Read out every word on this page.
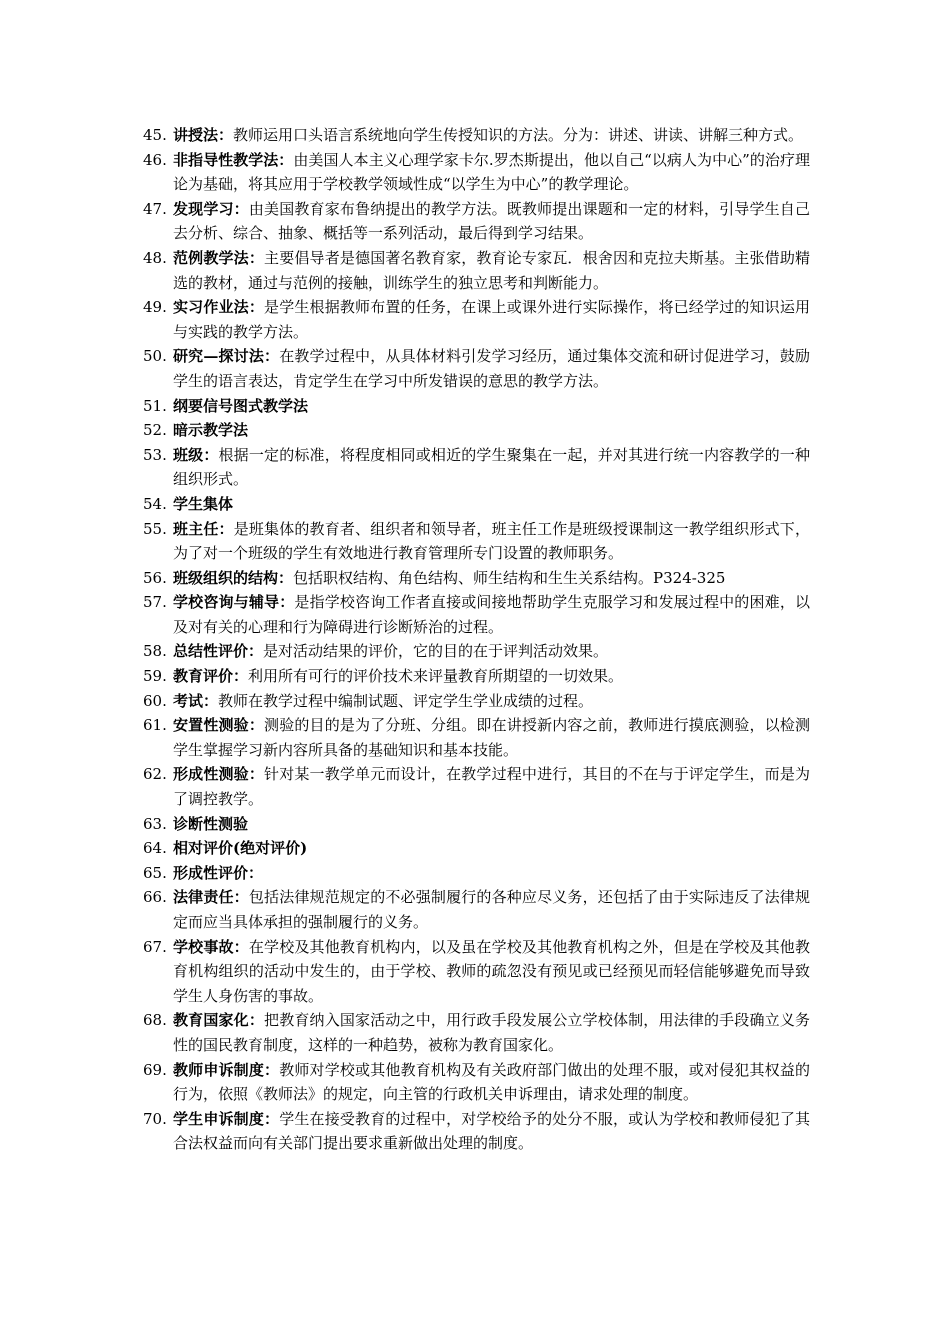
45. 讲授法：教师运用口头语言系统地向学生传授知识的方法。分为：讲述、讲读、讲解三种方式。
46. 非指导性教学法：由美国人本主义心理学家卡尔.罗杰斯提出，他以自己“以病人为中心”的治疗理论为基础，将其应用于学校教学领域性成“以学生为中心”的教学理论。
47. 发现学习：由美国教育家布鲁纳提出的教学方法。既教师提出课题和一定的材料，引导学生自己去分析、综合、抽象、概括等一系列活动，最后得到学习结果。
48. 范例教学法：主要倡导者是德国著名教育家，教育论专家瓦．根舍因和克拉夫斯基。主张借助精选的教材，通过与范例的接触，训练学生的独立思考和判断能力。
49. 实习作业法：是学生根据教师布置的任务，在课上或课外进行实际操作，将已经学过的知识运用与实践的教学方法。
50. 研究—探讨法：在教学过程中，从具体材料引发学习经历，通过集体交流和研讨促进学习，鼓励学生的语言表达，肯定学生在学习中所发错误的意思的教学方法。
51. 纲要信号图式教学法
52. 暗示教学法
53. 班级：根据一定的标准，将程度相同或相近的学生聚集在一起，并对其进行统一内容教学的一种组织形式。
54. 学生集体
55. 班主任：是班集体的教育者、组织者和领导者，班主任工作是班级授课制这一教学组织形式下，为了对一个班级的学生有效地进行教育管理所专门设置的教师职务。
56. 班级组织的结构：包括职权结构、角色结构、师生结构和生生关系结构。P324-325
57. 学校咨询与辅导：是指学校咨询工作者直接或间接地帮助学生克服学习和发展过程中的困难，以及对有关的心理和行为障碍进行诊断矫治的过程。
58. 总结性评价：是对活动结果的评价，它的目的在于评判活动效果。
59. 教育评价：利用所有可行的评价技术来评量教育所期望的一切效果。
60. 考试：教师在教学过程中编制试题、评定学生学业成绩的过程。
61. 安置性测验：测验的目的是为了分班、分组。即在讲授新内容之前，教师进行摸底测验，以检测学生掌握学习新内容所具备的基础知识和基本技能。
62. 形成性测验：针对某一教学单元而设计，在教学过程中进行，其目的不在与于评定学生，而是为了调控教学。
63. 诊断性测验
64. 相对评价(绝对评价)
65. 形成性评价：
66. 法律责任：包括法律规范规定的不必强制履行的各种应尽义务，还包括了由于实际违反了法律规定而应当具体承担的强制履行的义务。
67. 学校事故：在学校及其他教育机构内，以及虽在学校及其他教育机构之外，但是在学校及其他教育机构组织的活动中发生的，由于学校、教师的疏忽没有预见或已经预见而轻信能够避免而导致学生人身伤害的事故。
68. 教育国家化：把教育纳入国家活动之中，用行政手段发展公立学校体制，用法律的手段确立义务性的国民教育制度，这样的一种趋势，被称为教育国家化。
69. 教师申诉制度：教师对学校或其他教育机构及有关政府部门做出的处理不服，或对侵犯其权益的行为，依照《教师法》的规定，向主管的行政机关申诉理由，请求处理的制度。
70. 学生申诉制度：学生在接受教育的过程中，对学校给予的处分不服，或认为学校和教师侵犯了其合法权益而向有关部门提出要求重新做出处理的制度。
